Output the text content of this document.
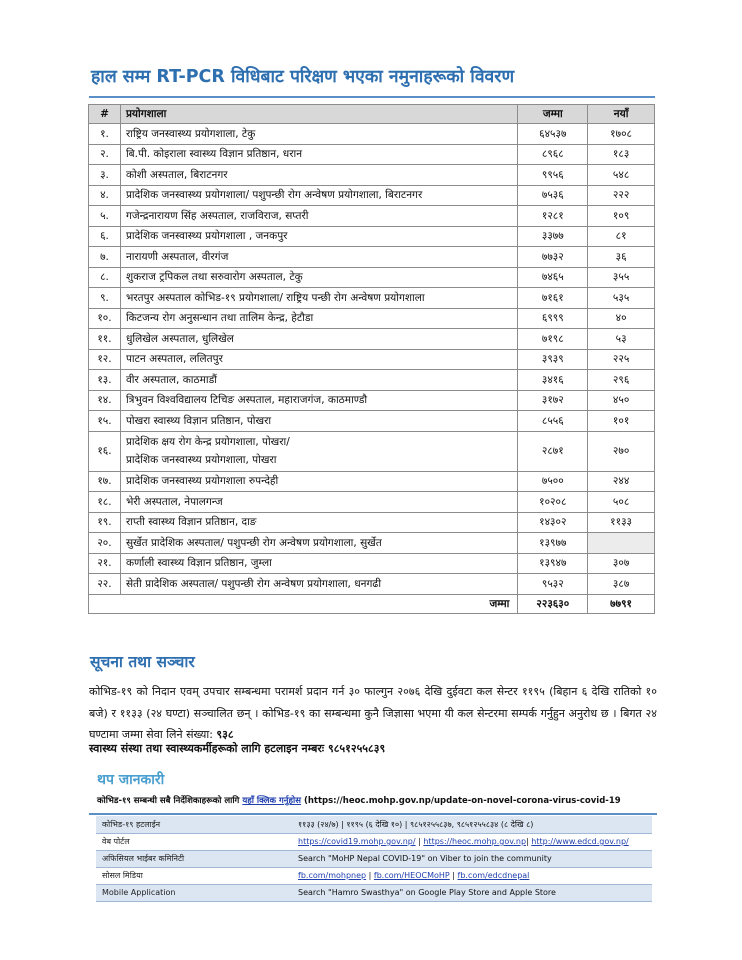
हाल सम्म RT-PCR विधिबाट परिक्षण भएका नमुनाहरूको विवरण
#	प्रयोगशाला	जम्मा	नयाँ
१.	राष्ट्रिय जनस्वास्थ्य प्रयोगशाला, टेकु	६४५३७	१७०८
२.	बि.पी. कोइराला स्वास्थ्य विज्ञान प्रतिष्ठान, धरान	८९६८	१८३
३.	कोशी अस्पताल, बिराटनगर	९९५६	५४८
४.	प्रादेशिक जनस्वास्थ्य प्रयोगशाला/ पशुपन्छी रोग अन्वेषण प्रयोगशाला, बिराटनगर	७५३६	२२२
५.	गजेन्द्रनारायण सिंह अस्पताल, राजविराज, सप्तरी	१२८१	१०९
६.	प्रादेशिक जनस्वास्थ्य प्रयोगशाला , जनकपुर	३३७७	८१
७.	नारायणी अस्पताल, वीरगंज	७७३२	३६
८.	शुकराज ट्रपिकल तथा सरुवारोग अस्पताल, टेकु	७४६५	३५५
९.	भरतपुर अस्पताल कोभिड-१९ प्रयोगशाला/ राष्ट्रिय पन्छी रोग अन्वेषण प्रयोगशाला	७१६१	५३५
१०.	किटजन्य रोग अनुसन्धान तथा तालिम केन्द्र, हेटौडा	६९९९	४०
११.	धुलिखेल अस्पताल, धुलिखेल	७१९८	५३
१२.	पाटन अस्पताल, ललितपुर	३९३९	२२५
१३.	वीर अस्पताल, काठमाडौं	३४१६	२९६
१४.	त्रिभुवन विश्वविद्यालय टिचिङ अस्पताल, महाराजगंज, काठमाण्डौ	३१७२	४५०
१५.	पोखरा स्वास्थ्य विज्ञान प्रतिष्ठान, पोखरा	८५५६	१०१
१६.	प्रादेशिक क्षय रोग केन्द्र प्रयोगशाला, पोखरा/
प्रादेशिक जनस्वास्थ्य प्रयोगशाला, पोखरा	२८७१	२७०
१७.	प्रादेशिक जनस्वास्थ्य प्रयोगशाला रुपन्देही	७५००	२४४
१८.	भेरी अस्पताल, नेपालगन्ज	१०२०८	५०८
१९.	राप्ती स्वास्थ्य विज्ञान प्रतिष्ठान, दाङ	१४३०२	११३३
२०.	सुर्खेत प्रादेशिक अस्पताल/ पशुपन्छी रोग अन्वेषण प्रयोगशाला, सुर्खेत	१३९७७	
२१.	कर्णाली स्वास्थ्य विज्ञान प्रतिष्ठान, जुम्ला	१३९४७	३०७
२२.	सेती प्रादेशिक अस्पताल/ पशुपन्छी रोग अन्वेषण प्रयोगशाला, धनगढी	९५३२	३८७
जम्मा		२२३६३०	७७९१
सूचना तथा सञ्चार
कोभिड-१९ को निदान एवम् उपचार सम्बन्धमा परामर्श प्रदान गर्न ३० फाल्गुन २०७६ देखि दुईवटा कल सेन्टर ११९५ (बिहान ६ देखि रातिको १० बजे) र ११३३ (२४ घण्टा) सञ्चालित छन् । कोभिड-१९ का सम्बन्धमा कुनै जिज्ञासा भएमा यी कल सेन्टरमा सम्पर्क गर्नुहुन अनुरोध छ । बिगत २४ घण्टामा जम्मा सेवा लिने संख्या: ९३८
स्वास्थ्य संस्था तथा स्वास्थ्यकर्मीहरूको लागि हटलाइन नम्बरः ९८५१२५५८३९
थप जानकारी
कोभिड-१९ सम्बन्धी सबै निर्देशिकाहरूको लागि यहाँ क्लिक गर्नुहोस (https://heoc.mohp.gov.np/update-on-novel-corona-virus-covid-19
कोभिड-१९ हटलाईन	११३३ (२४/७) | ११९५ (६ देखि १०) | ९८५१२५५८३७, ९८५१२५५८३४ (८ देखि ८)
वेब पोर्टल	https://covid19.mohp.gov.np/ | https://heoc.mohp.gov.np| http://www.edcd.gov.np/
अफिसियल भाईबर कमिनिटी	Search "MoHP Nepal COVID-19" on Viber to join the community
सोसल मिडिया	fb.com/mohpnep | fb.com/HEOCMoHP | fb.com/edcdnepal
Mobile Application	Search "Hamro Swasthya" on Google Play Store and Apple Store
